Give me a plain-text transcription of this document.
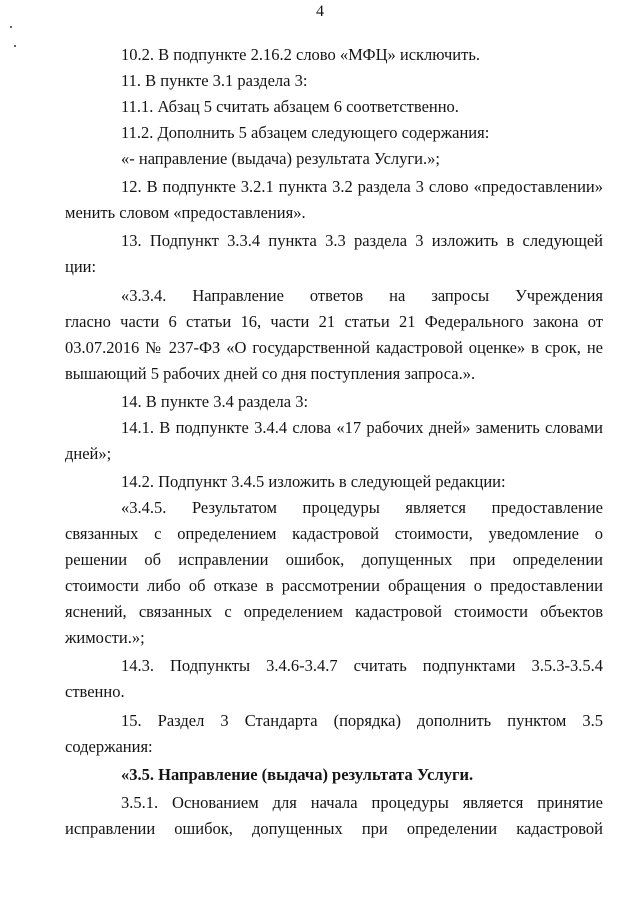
4
10.2. В подпункте 2.16.2 слово «МФЦ» исключить.
11. В пункте 3.1 раздела 3:
11.1. Абзац 5 считать абзацем 6 соответственно.
11.2. Дополнить 5 абзацем следующего содержания:
«- направление (выдача) результата Услуги.»;
12. В подпункте 3.2.1 пункта 3.2 раздела 3 слово «предоставлении»
менить словом «предоставления».
13. Подпункт 3.3.4 пункта 3.3 раздела 3 изложить в следующей
ции:
«3.3.4. Направление ответов на запросы Учреждения
гласно части 6 статьи 16, части 21 статьи 21 Федерального закона от
03.07.2016 № 237-ФЗ «О государственной кадастровой оценке» в срок, не
вышающий 5 рабочих дней со дня поступления запроса.».
14. В пункте 3.4 раздела 3:
14.1. В подпункте 3.4.4 слова «17 рабочих дней» заменить словами
дней»;
14.2. Подпункт 3.4.5 изложить в следующей редакции:
«3.4.5. Результатом процедуры является предоставление
связанных с определением кадастровой стоимости, уведомление о
решении об исправлении ошибок, допущенных при определении
стоимости либо об отказе в рассмотрении обращения о предоставлении
яснений, связанных с определением кадастровой стоимости объектов
жимости.»;
14.3. Подпункты 3.4.6-3.4.7 считать подпунктами 3.5.3-3.5.4
ственно.
15. Раздел 3 Стандарта (порядка) дополнить пунктом 3.5
содержания:
«3.5. Направление (выдача) результата Услуги.
3.5.1. Основанием для начала процедуры является принятие
исправлении ошибок, допущенных при определении кадастровой
